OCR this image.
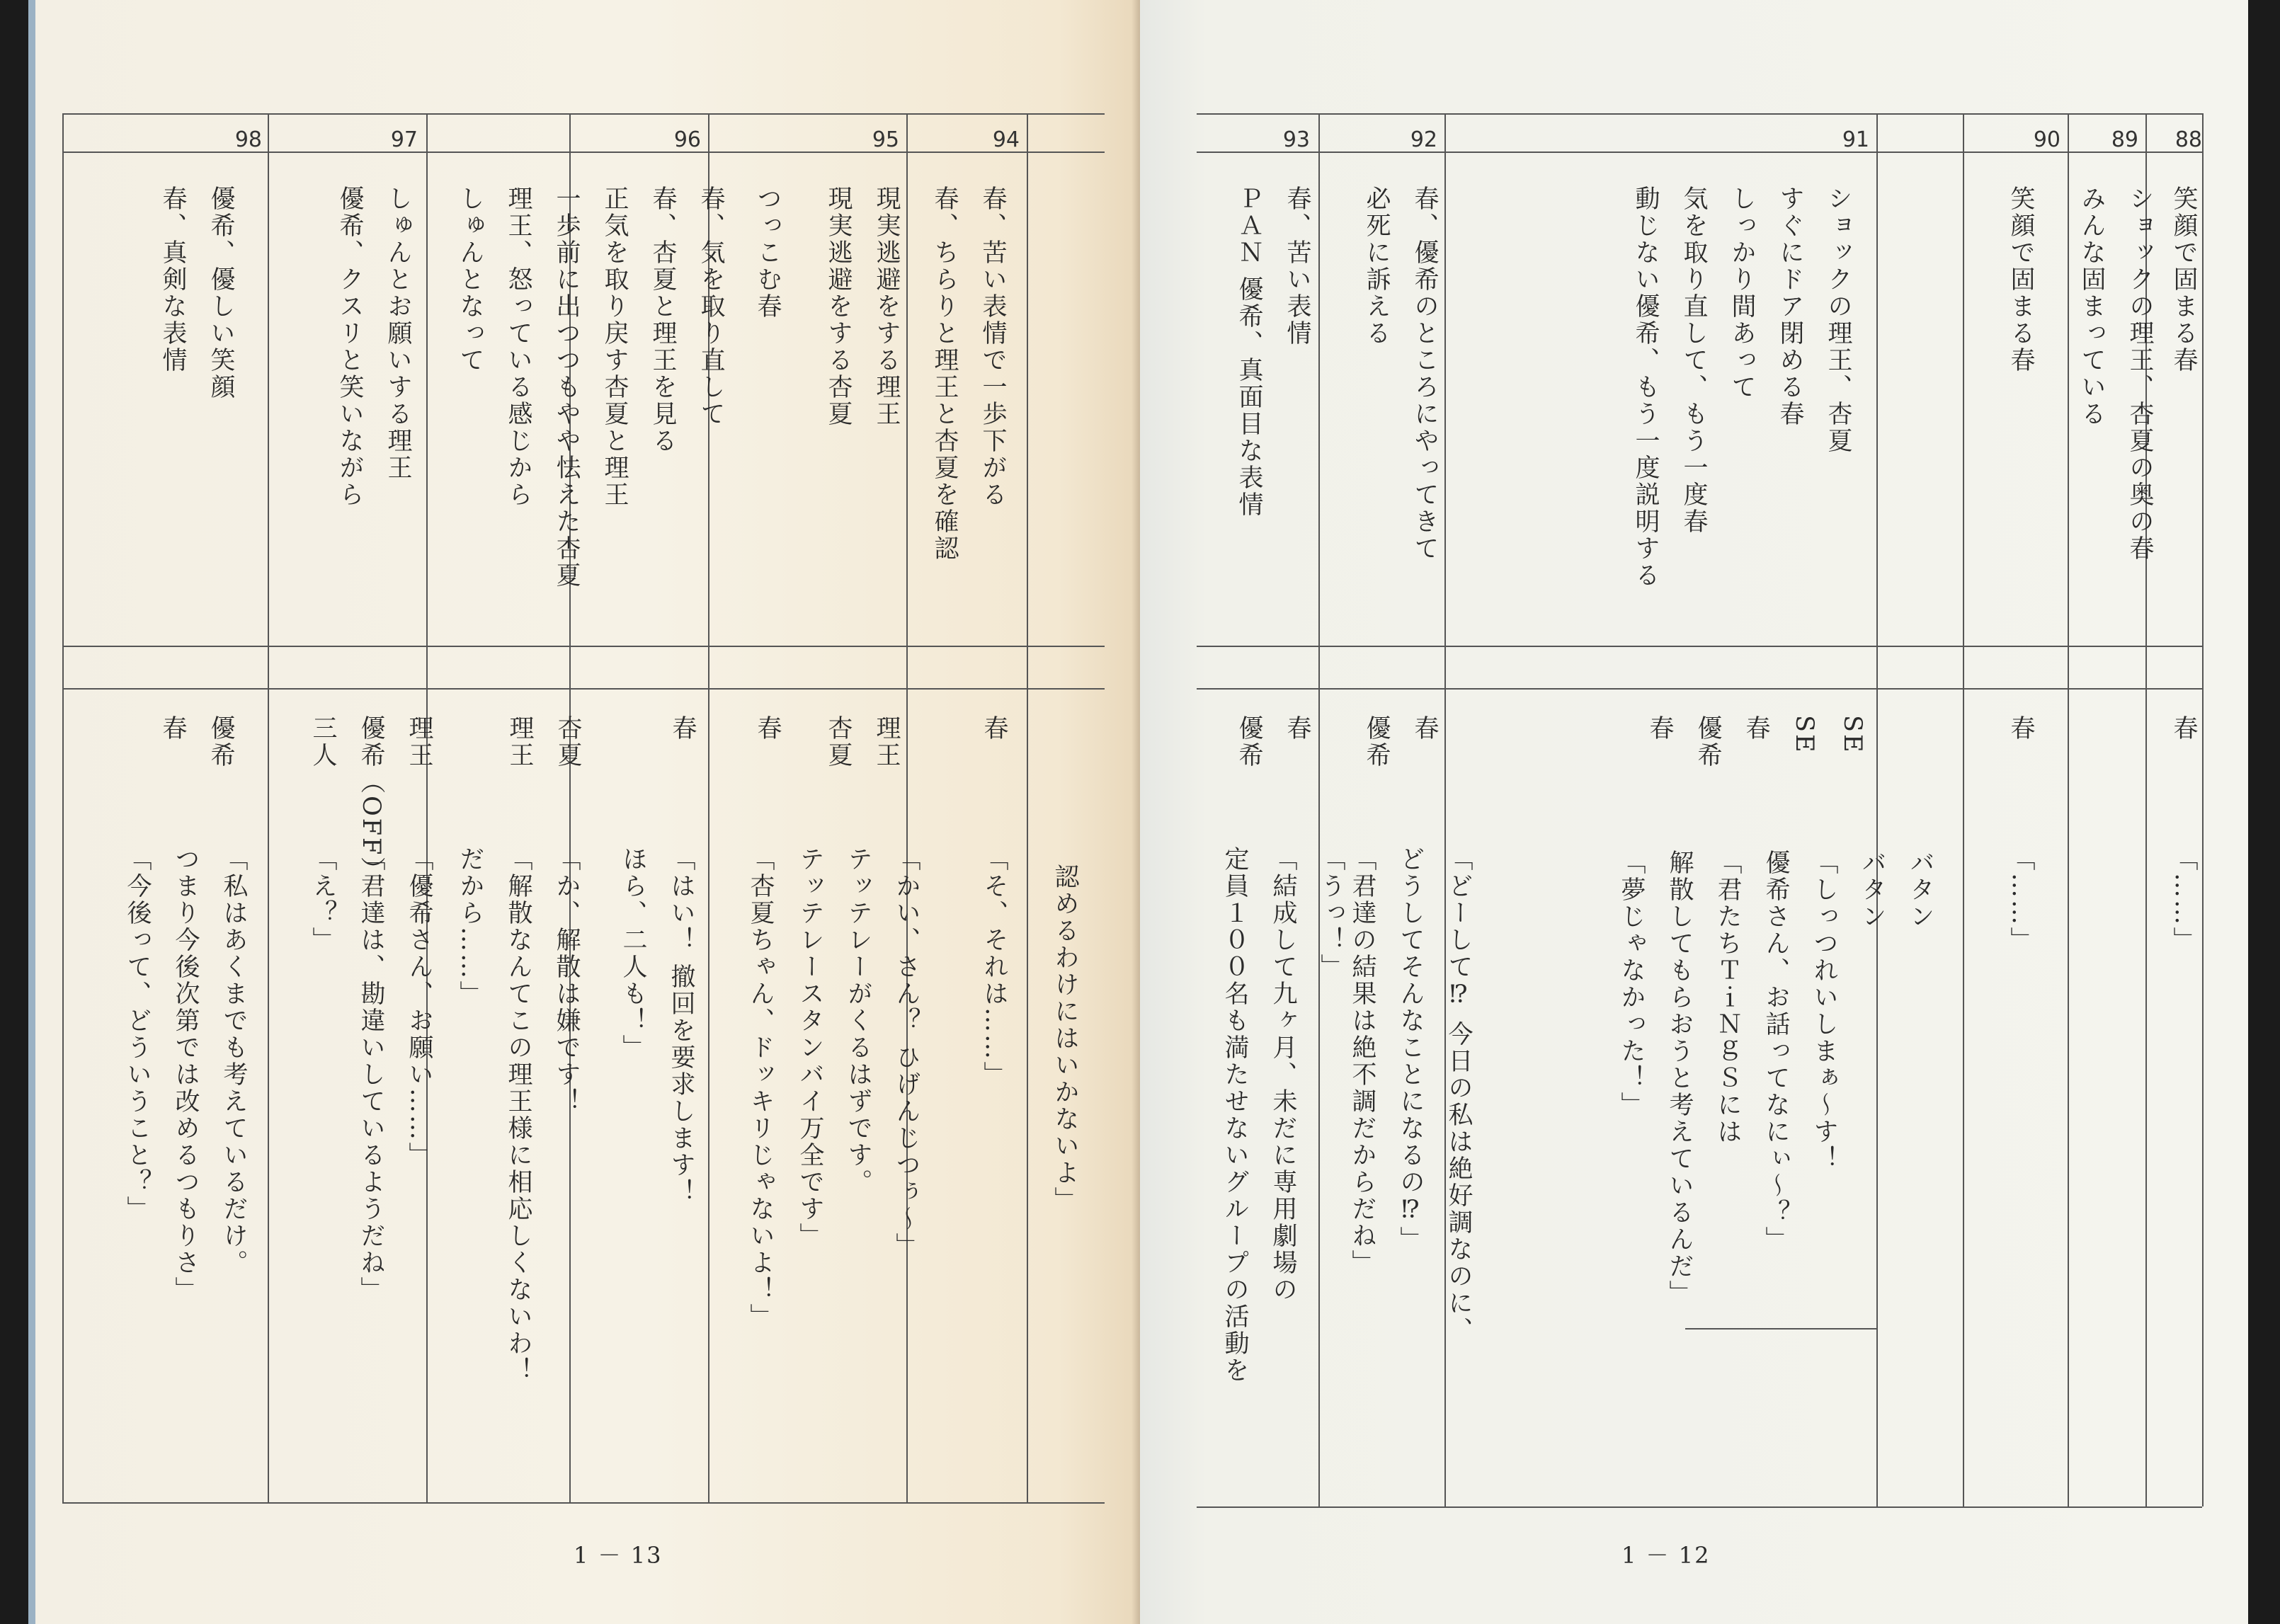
98
優希、優しい笑顔
春、真剣な表情
優希
春
「私はあくまでも考えているだけ。
つまり今後次第では改めるつもりさ」
「今後って、どういうこと？」
97
しゅんとお願いする理王
優希、クスリと笑いながら
理王
優希（OFF）
三人
「優希さん、お願い……」
「君達は、勘違いしているようだね」
「え？」
96
春、気を取り直して
春、杏夏と理王を見る
正気を取り戻す杏夏と理王
一歩前に出つつもやや怯えた杏夏
理王、怒っている感じから
しゅんとなって
杏夏
理王
「か、解散は嫌です！
「解散なんてこの理王様に相応しくないわ！
だから……」
春
「はい！ 撤回を要求します！
ほら、二人も！」
95
つっこむ春	現実逃避をする理王
現実逃避をする杏夏
春
「杏夏ちゃん、ドッキリじゃないよ！」
理王
杏夏
「かい、さん？ ひげんじつぅ～」
テッテレーがくるはずです。
テッテレースタンバイ万全です」
94
春、苦い表情で一歩下がる
春、ちらりと理王と杏夏を確認
春
「そ、それは……」	認めるわけにはいかないよ」
1 － 13
93
春、苦い表情
ＰＡＮ 優希、真面目な表情
春
優希
「うっ！」
「結成して九ヶ月、未だに専用劇場の
定員１００名も満たせないグループの活動を
92
春、優希のところにやってきて
必死に訴える
春
優希
「どーして⁉ 今日の私は絶好調なのに、
どうしてそんなことになるの⁉」
「君達の結果は絶不調だからだね」
91
ショックの理王、杏夏
すぐにドア閉める春
しっかり間あって
気を取り直して、もう一度春
動じない優希、もう一度説明する
SE
SE
春
優希
春
バタン
バタン
「しっつれいしまぁ～す！
優希さん、お話ってなにぃ～？」
「君たちＴｉＮｇＳには
解散してもらおうと考えているんだ」
「夢じゃなかった！」
90
笑顔で固まる春
春
「……」
89
ショックの理王、杏夏の奥の春
みんな固まっている
88
笑顔で固まる春
春
「……」
1 － 12
